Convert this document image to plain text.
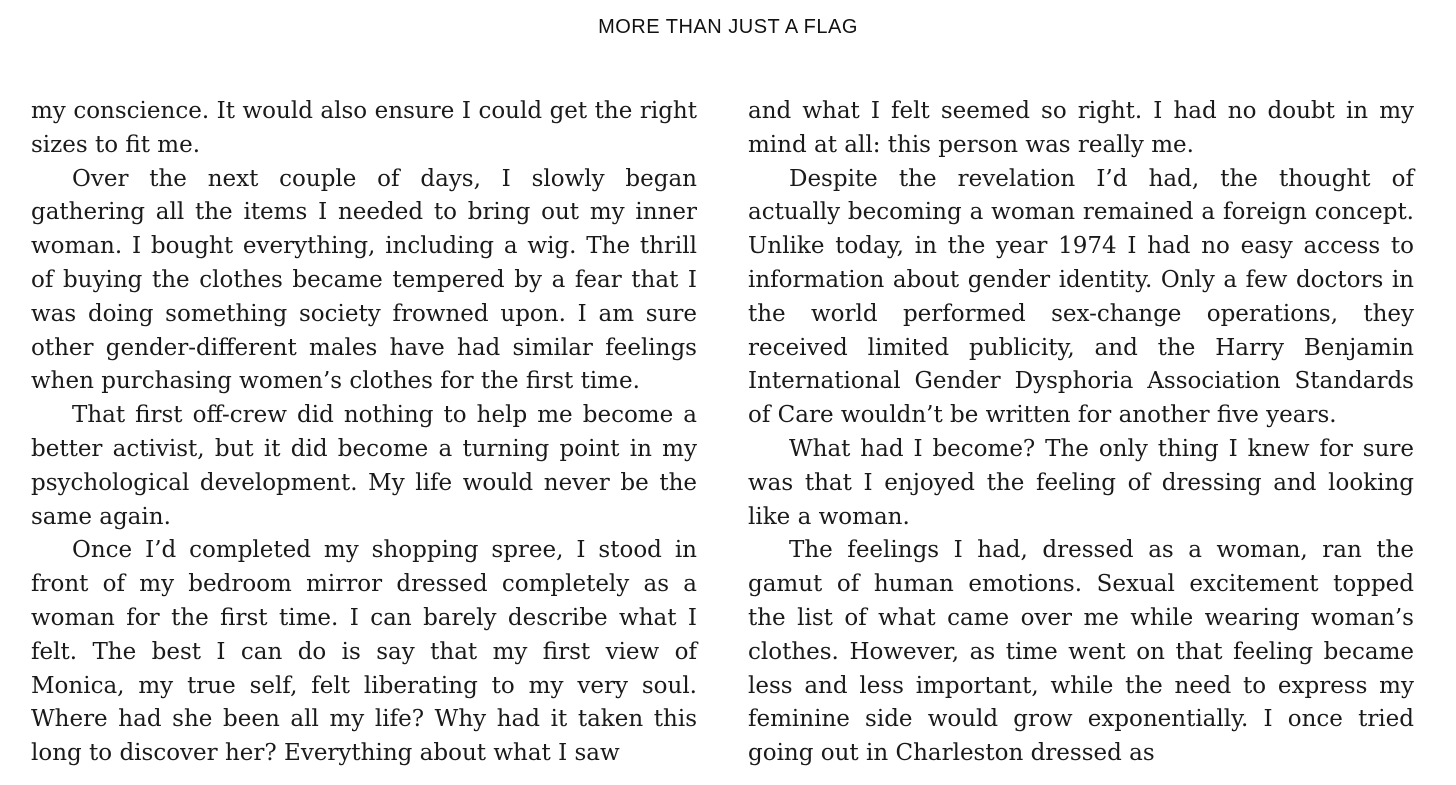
MORE THAN JUST A FLAG

my conscience. It would also ensure I could get the right sizes to fit me.

Over the next couple of days, I slowly began gathering all the items I needed to bring out my inner woman. I bought everything, including a wig. The thrill of buying the clothes became tempered by a fear that I was doing something society frowned upon. I am sure other gender-different males have had similar feelings when purchasing women’s clothes for the first time.

That first off-crew did nothing to help me become a better activist, but it did become a turning point in my psychological development. My life would never be the same again.

Once I’d completed my shopping spree, I stood in front of my bedroom mirror dressed completely as a woman for the first time. I can barely describe what I felt. The best I can do is say that my first view of Monica, my true self, felt liberating to my very soul. Where had she been all my life? Why had it taken this long to discover her? Everything about what I saw

and what I felt seemed so right. I had no doubt in my mind at all: this person was really me.

Despite the revelation I’d had, the thought of actually becoming a woman remained a foreign concept. Unlike today, in the year 1974 I had no easy access to information about gender identity. Only a few doctors in the world performed sex-change operations, they received limited publicity, and the Harry Benjamin International Gender Dysphoria Association Standards of Care wouldn’t be written for another five years.

What had I become? The only thing I knew for sure was that I enjoyed the feeling of dressing and looking like a woman.

The feelings I had, dressed as a woman, ran the gamut of human emotions. Sexual excitement topped the list of what came over me while wearing woman’s clothes. However, as time went on that feeling became less and less important, while the need to express my feminine side would grow exponentially. I once tried going out in Charleston dressed as
